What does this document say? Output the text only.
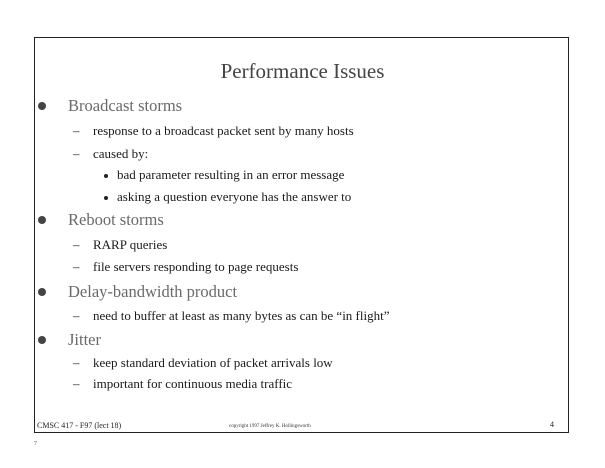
Performance Issues
Broadcast storms
– response to a broadcast packet sent by many hosts
– caused by:
bad parameter resulting in an error message
asking a question everyone has the answer to
Reboot storms
– RARP queries
– file servers responding to page requests
Delay-bandwidth product
– need to buffer at least as many bytes as can be “in flight”
Jitter
– keep standard deviation of packet arrivals low
– important for continuous media traffic
CMSC 417 - F97 (lect 18)	copyright 1997 Jeffrey K. Hollingsworth	4
7
